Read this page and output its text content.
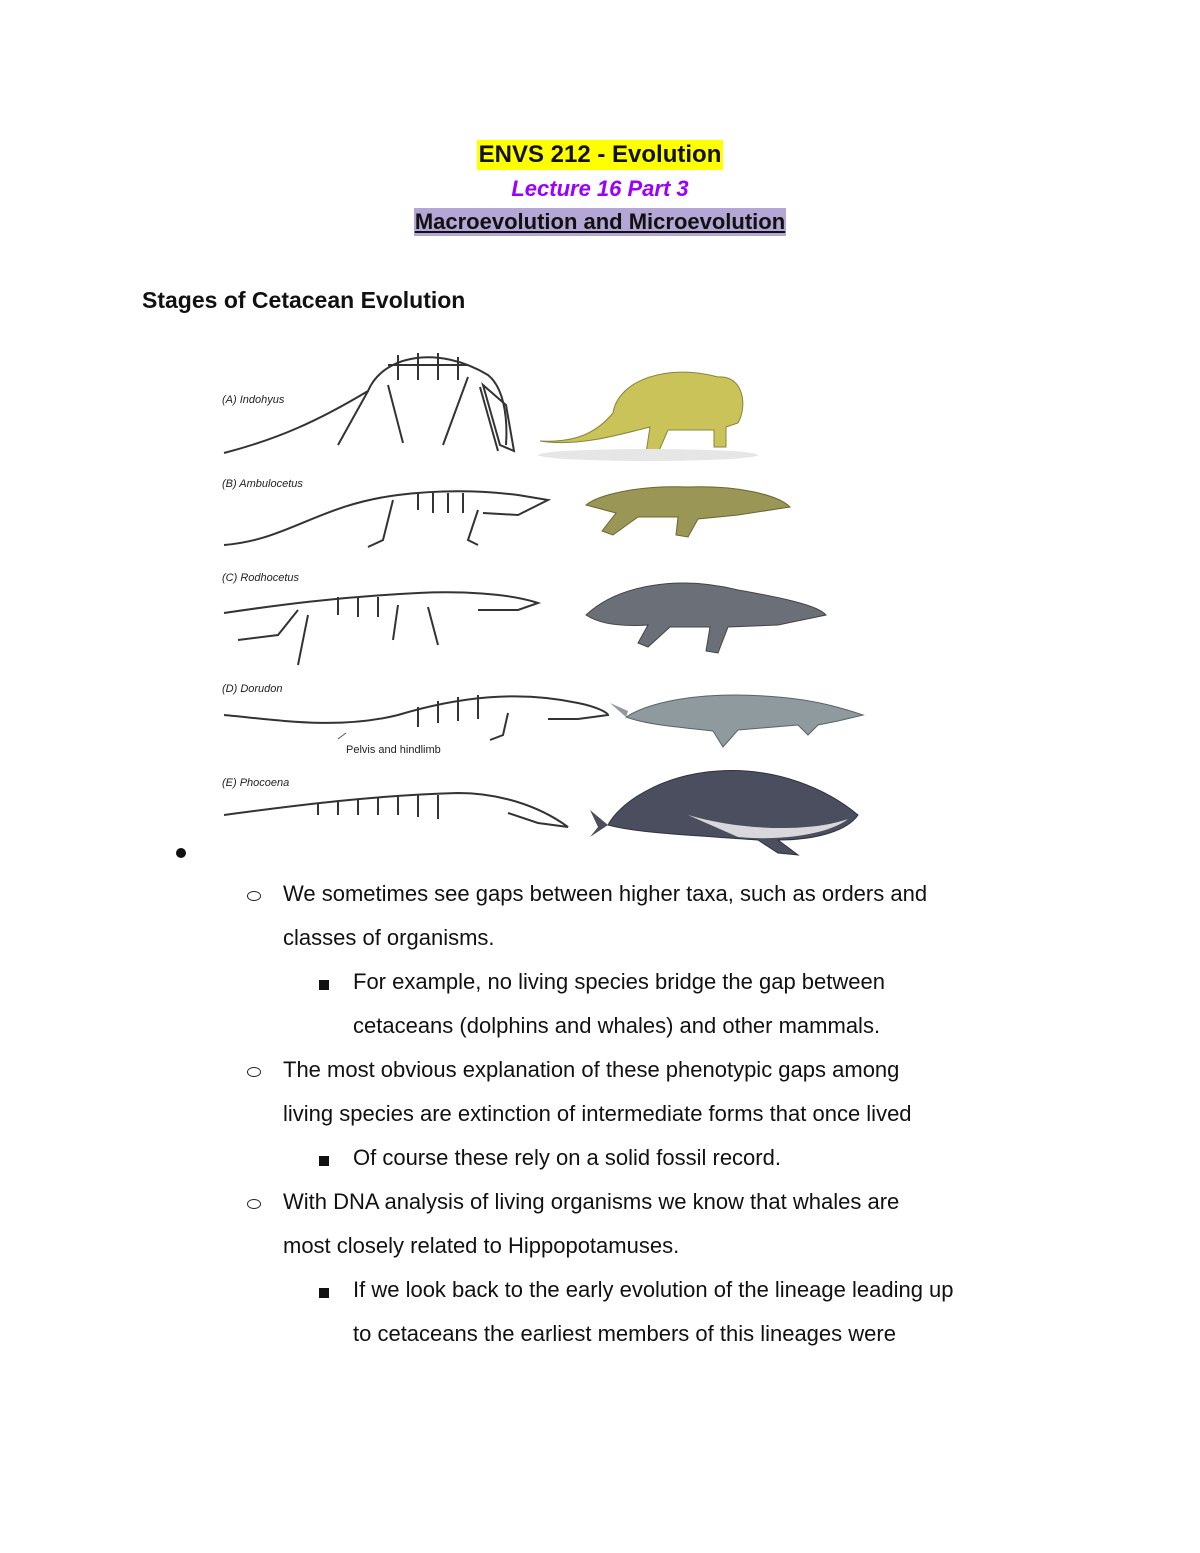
ENVS 212 - Evolution
Lecture 16 Part 3
Macroevolution and Microevolution
Stages of Cetacean Evolution
(A) Indohyus
(B) Ambulocetus
(C) Rodhocetus
(D) Dorudon
Pelvis and hindlimb
(E) Phocoena
We sometimes see gaps between higher taxa, such as orders and
classes of organisms.
For example, no living species bridge the gap between
cetaceans (dolphins and whales) and other mammals.
The most obvious explanation of these phenotypic gaps among
living species are extinction of intermediate forms that once lived
Of course these rely on a solid fossil record.
With DNA analysis of living organisms we know that whales are
most closely related to Hippopotamuses.
If we look back to the early evolution of the lineage leading up
to cetaceans the earliest members of this lineages were
